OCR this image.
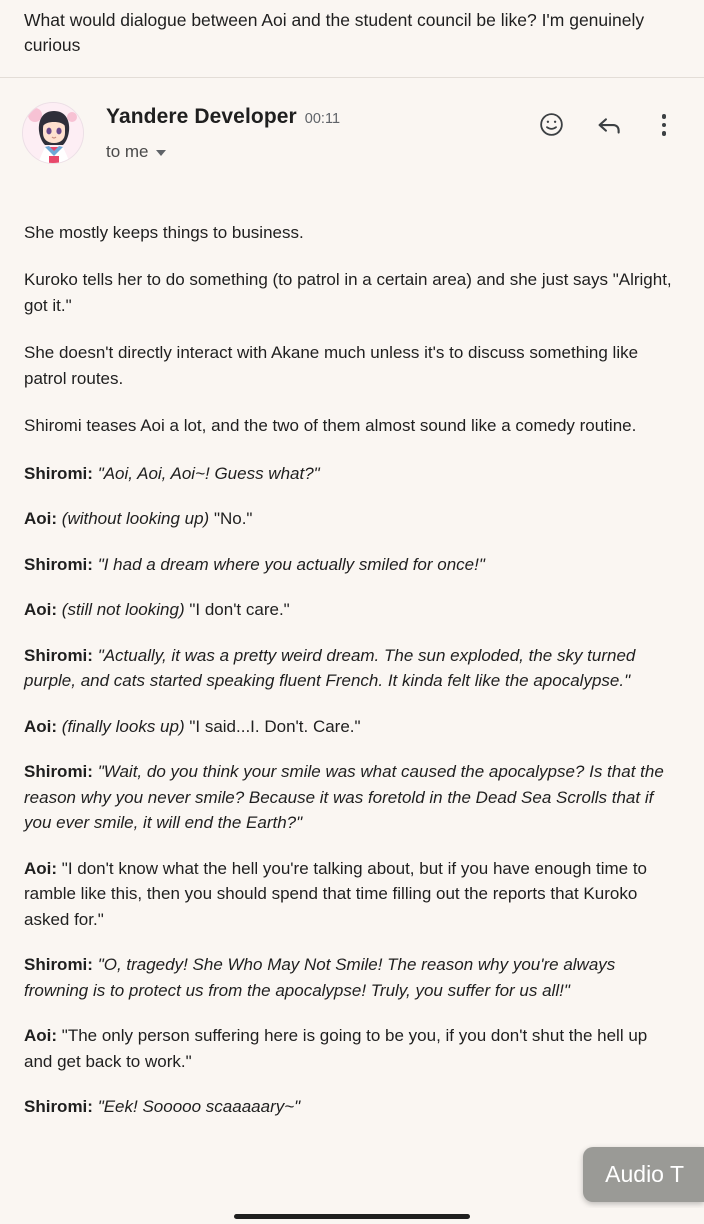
What would dialogue between Aoi and the student council be like? I'm genuinely curious

Yandere Developer 00:11
to me

She mostly keeps things to business.

Kuroko tells her to do something (to patrol in a certain area) and she just says "Alright, got it."

She doesn't directly interact with Akane much unless it's to discuss something like patrol routes.

Shiromi teases Aoi a lot, and the two of them almost sound like a comedy routine.

Shiromi: "Aoi, Aoi, Aoi~! Guess what?"

Aoi: (without looking up) "No."

Shiromi: "I had a dream where you actually smiled for once!"

Aoi: (still not looking) "I don't care."

Shiromi: "Actually, it was a pretty weird dream. The sun exploded, the sky turned purple, and cats started speaking fluent French. It kinda felt like the apocalypse."

Aoi: (finally looks up) "I said...I. Don't. Care."

Shiromi: "Wait, do you think your smile was what caused the apocalypse? Is that the reason why you never smile? Because it was foretold in the Dead Sea Scrolls that if you ever smile, it will end the Earth?"

Aoi: "I don't know what the hell you're talking about, but if you have enough time to ramble like this, then you should spend that time filling out the reports that Kuroko asked for."

Shiromi: "O, tragedy! She Who May Not Smile! The reason why you're always frowning is to protect us from the apocalypse! Truly, you suffer for us all!"

Aoi: "The only person suffering here is going to be you, if you don't shut the hell up and get back to work."

Shiromi: "Eek! Sooooo scaaaaary~"

Audio T
